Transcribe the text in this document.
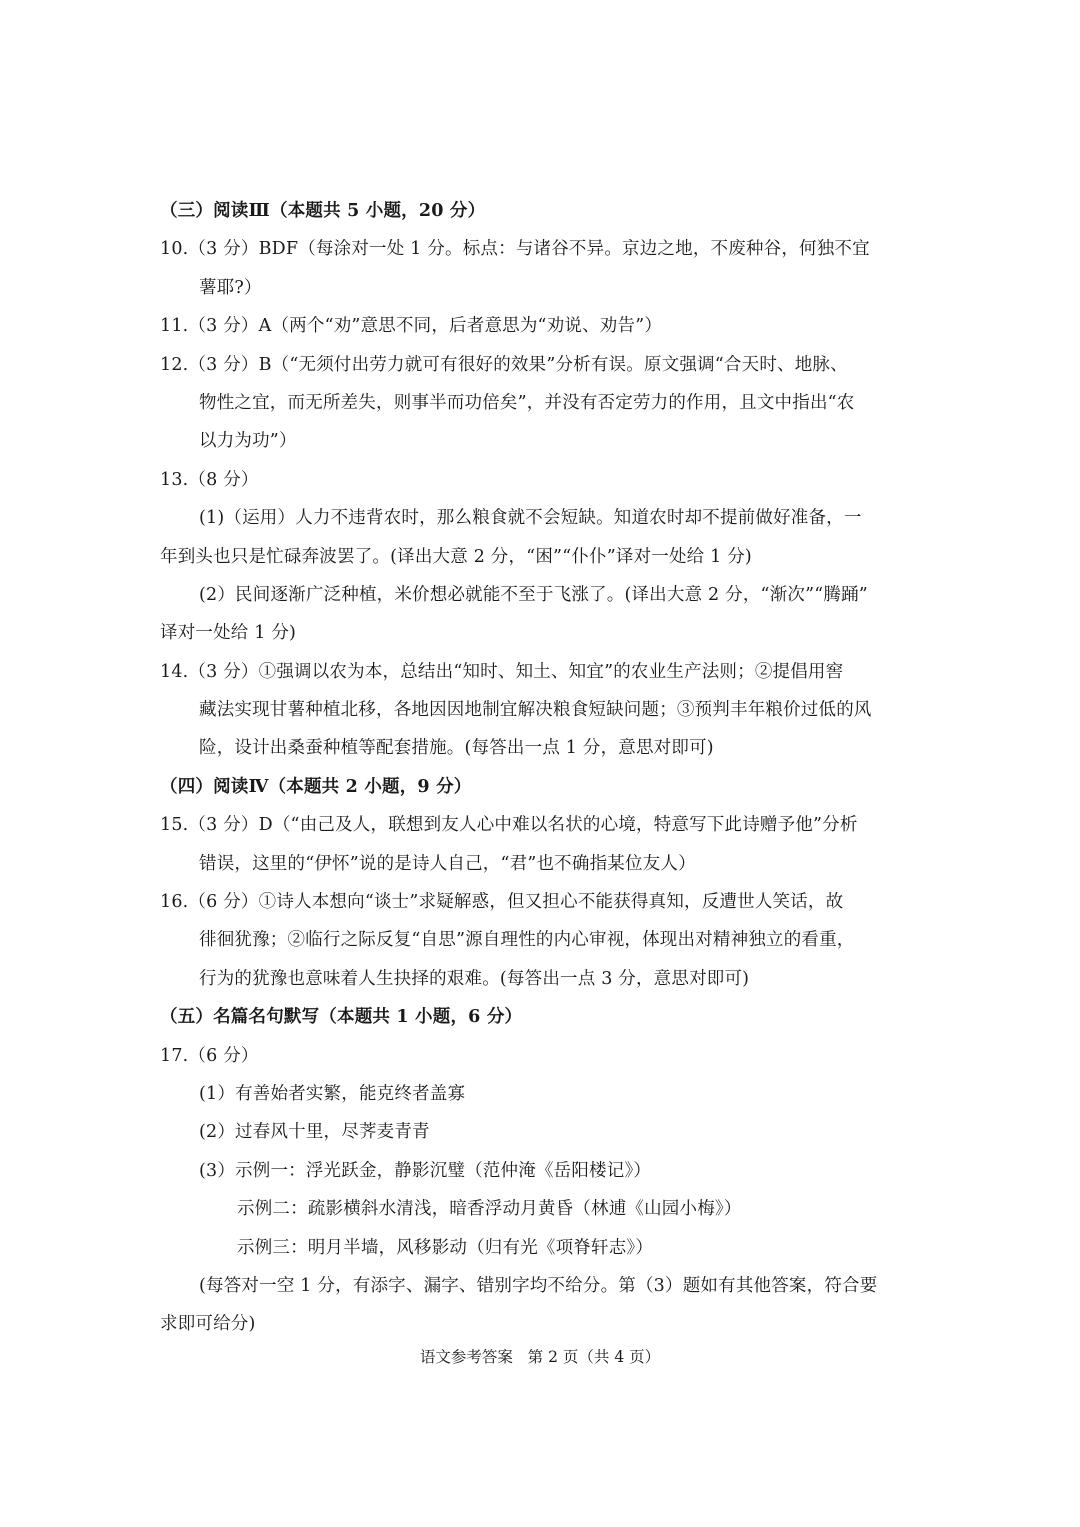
（三）阅读Ⅲ（本题共 5 小题，20 分）
10.（3 分）BDF（每涂对一处 1 分。标点：与诸谷不异。京边之地，不废种谷，何独不宜
薯耶?）
11.（3 分）A（两个“劝”意思不同，后者意思为“劝说、劝告”）
12.（3 分）B（“无须付出劳力就可有很好的效果”分析有误。原文强调“合天时、地脉、
物性之宜，而无所差失，则事半而功倍矣”，并没有否定劳力的作用，且文中指出“农
以力为功”）
13.（8 分）
(1)（运用）人力不违背农时，那么粮食就不会短缺。知道农时却不提前做好准备，一
年到头也只是忙碌奔波罢了。(译出大意 2 分，“困”“仆仆”译对一处给 1 分)
(2）民间逐渐广泛种植，米价想必就能不至于飞涨了。(译出大意 2 分，“渐次”“腾踊”
译对一处给 1 分)
14.（3 分）①强调以农为本，总结出“知时、知土、知宜”的农业生产法则；②提倡用窖
藏法实现甘薯种植北移，各地因因地制宜解决粮食短缺问题；③预判丰年粮价过低的风
险，设计出桑蚕种植等配套措施。(每答出一点 1 分，意思对即可)
（四）阅读Ⅳ（本题共 2 小题，9 分）
15.（3 分）D（“由己及人，联想到友人心中难以名状的心境，特意写下此诗赠予他”分析
错误，这里的“伊怀”说的是诗人自己，“君”也不确指某位友人）
16.（6 分）①诗人本想向“谈士”求疑解惑，但又担心不能获得真知，反遭世人笑话，故
徘徊犹豫；②临行之际反复“自思”源自理性的内心审视，体现出对精神独立的看重，
行为的犹豫也意味着人生抉择的艰难。(每答出一点 3 分，意思对即可)
（五）名篇名句默写（本题共 1 小题，6 分）
17.（6 分）
(1）有善始者实繁，能克终者盖寡
(2）过春风十里，尽荠麦青青
(3）示例一：浮光跃金，静影沉璧（范仲淹《岳阳楼记》）
示例二：疏影横斜水清浅，暗香浮动月黄昏（林逋《山园小梅》）
示例三：明月半墙，风移影动（归有光《项脊轩志》）
(每答对一空 1 分，有添字、漏字、错别字均不给分。第（3）题如有其他答案，符合要
求即可给分)
语文参考答案 第 2 页（共 4 页）
